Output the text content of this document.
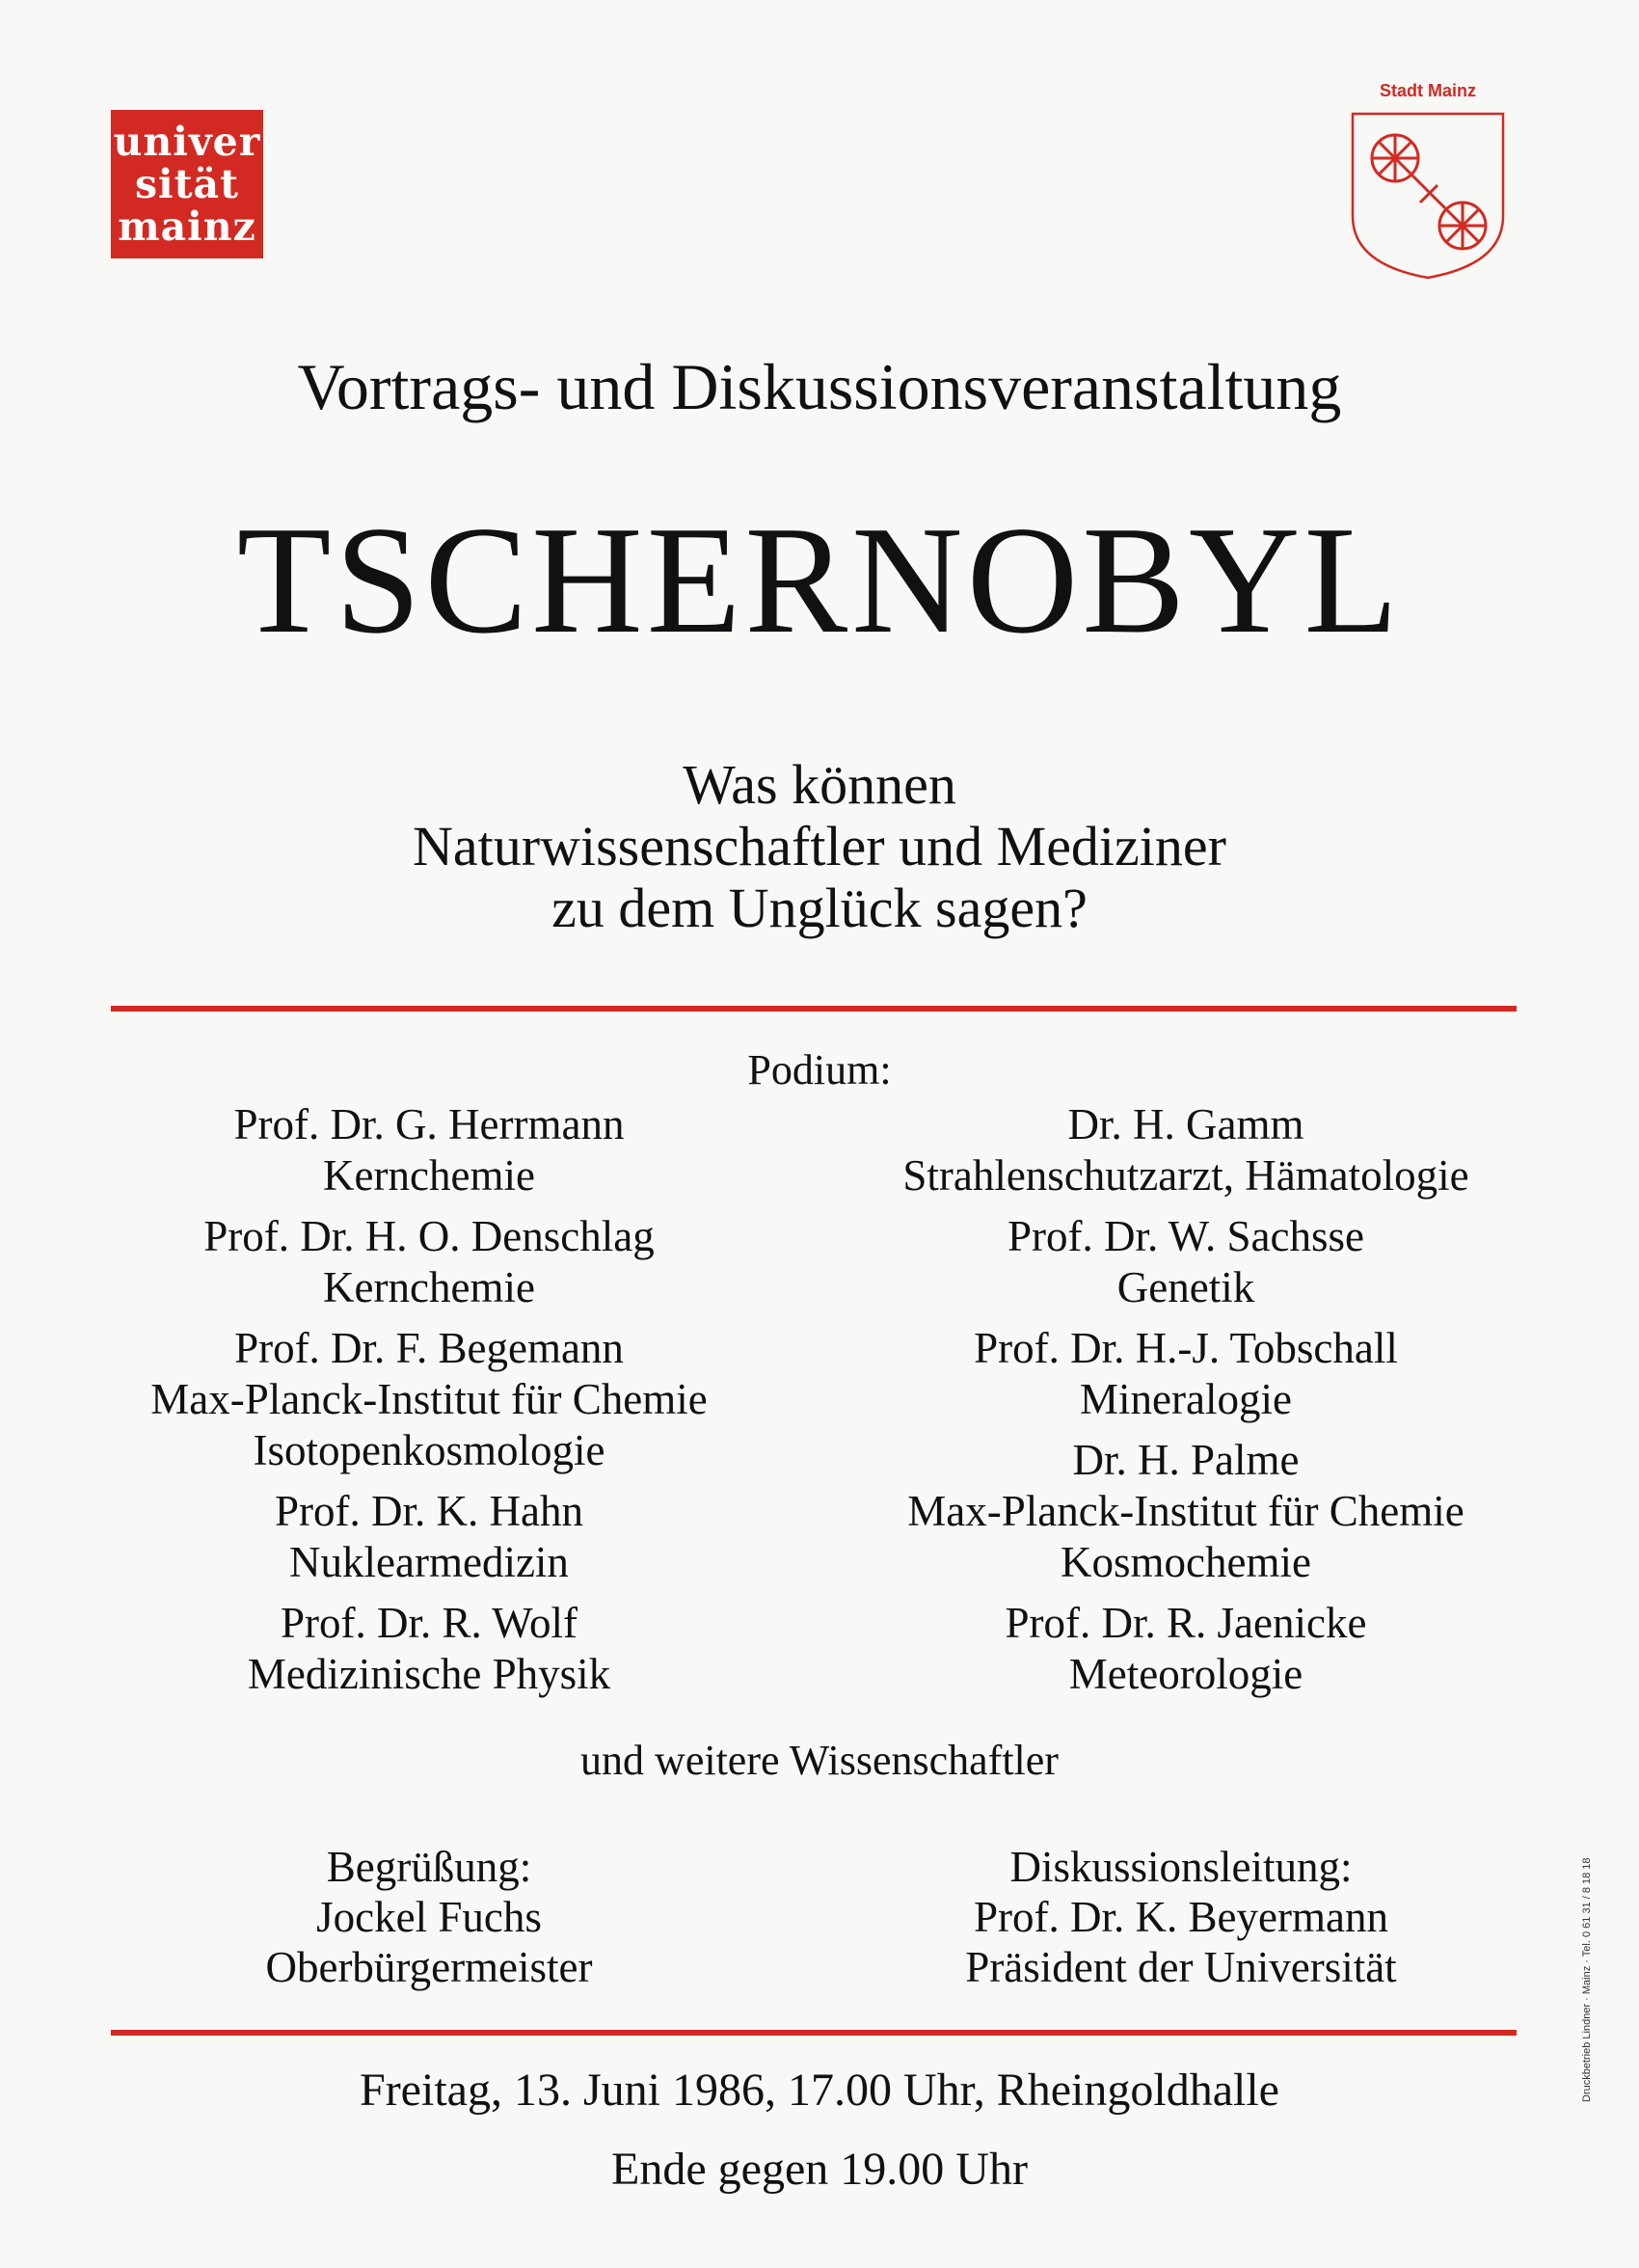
univer
sität
mainz
Stadt Mainz
Vortrags- und Diskussionsveranstaltung
TSCHERNOBYL
Was können
Naturwissenschaftler und Mediziner
zu dem Unglück sagen?
Podium:
Prof. Dr. G. Herrmann
Kernchemie
Prof. Dr. H. O. Denschlag
Kernchemie
Prof. Dr. F. Begemann
Max-Planck-Institut für Chemie
Isotopenkosmologie
Prof. Dr. K. Hahn
Nuklearmedizin
Prof. Dr. R. Wolf
Medizinische Physik
Dr. H. Gamm
Strahlenschutzarzt, Hämatologie
Prof. Dr. W. Sachsse
Genetik
Prof. Dr. H.-J. Tobschall
Mineralogie
Dr. H. Palme
Max-Planck-Institut für Chemie
Kosmochemie
Prof. Dr. R. Jaenicke
Meteorologie
und weitere Wissenschaftler
Begrüßung:
Jockel Fuchs
Oberbürgermeister
Diskussionsleitung:
Prof. Dr. K. Beyermann
Präsident der Universität
Freitag, 13. Juni 1986, 17.00 Uhr, Rheingoldhalle
Ende gegen 19.00 Uhr
Druckbetrieb Lindner · Mainz · Tel. 0 61 31 / 8 18 18
